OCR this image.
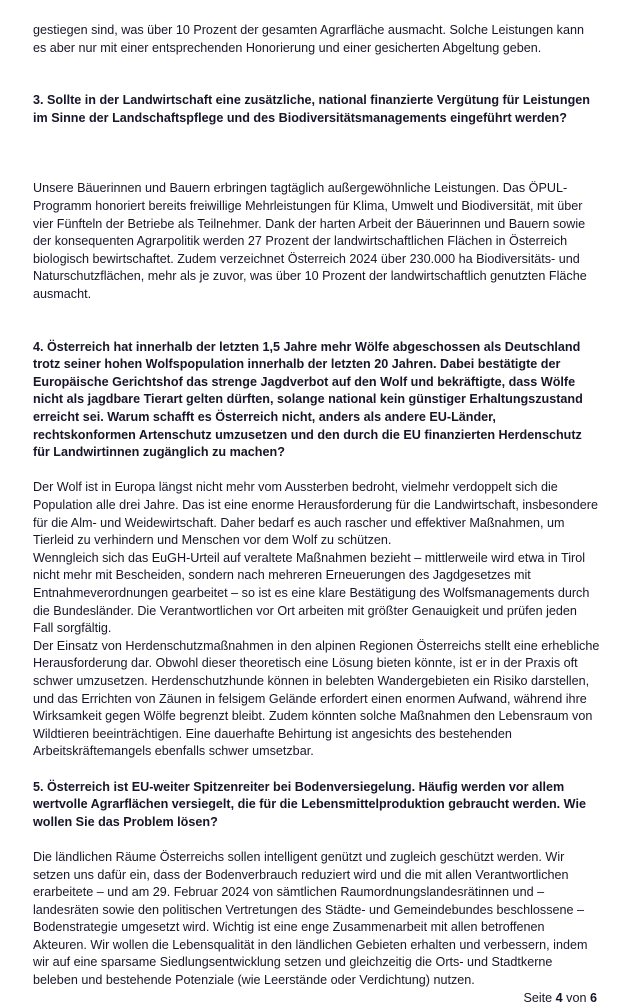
gestiegen sind, was über 10 Prozent der gesamten Agrarfläche ausmacht. Solche Leistungen kann es aber nur mit einer entsprechenden Honorierung und einer gesicherten Abgeltung geben.

3. Sollte in der Landwirtschaft eine zusätzliche, national finanzierte Vergütung für Leistungen im Sinne der Landschaftspflege und des Biodiversitätsmanagements eingeführt werden?

Unsere Bäuerinnen und Bauern erbringen tagtäglich außergewöhnliche Leistungen. Das ÖPUL-Programm honoriert bereits freiwillige Mehrleistungen für Klima, Umwelt und Biodiversität, mit über vier Fünfteln der Betriebe als Teilnehmer. Dank der harten Arbeit der Bäuerinnen und Bauern sowie der konsequenten Agrarpolitik werden 27 Prozent der landwirtschaftlichen Flächen in Österreich biologisch bewirtschaftet. Zudem verzeichnet Österreich 2024 über 230.000 ha Biodiversitäts- und Naturschutzflächen, mehr als je zuvor, was über 10 Prozent der landwirtschaftlich genutzten Fläche ausmacht.

4. Österreich hat innerhalb der letzten 1,5 Jahre mehr Wölfe abgeschossen als Deutschland trotz seiner hohen Wolfspopulation innerhalb der letzten 20 Jahren. Dabei bestätigte der Europäische Gerichtshof das strenge Jagdverbot auf den Wolf und bekräftigte, dass Wölfe nicht als jagdbare Tierart gelten dürften, solange national kein günstiger Erhaltungszustand erreicht sei. Warum schafft es Österreich nicht, anders als andere EU-Länder, rechtskonformen Artenschutz umzusetzen und den durch die EU finanzierten Herdenschutz für Landwirtinnen zugänglich zu machen?

Der Wolf ist in Europa längst nicht mehr vom Aussterben bedroht, vielmehr verdoppelt sich die Population alle drei Jahre. Das ist eine enorme Herausforderung für die Landwirtschaft, insbesondere für die Alm- und Weidewirtschaft. Daher bedarf es auch rascher und effektiver Maßnahmen, um Tierleid zu verhindern und Menschen vor dem Wolf zu schützen.

Wenngleich sich das EuGH-Urteil auf veraltete Maßnahmen bezieht – mittlerweile wird etwa in Tirol nicht mehr mit Bescheiden, sondern nach mehreren Erneuerungen des Jagdgesetzes mit Entnahmeverordnungen gearbeitet – so ist es eine klare Bestätigung des Wolfsmanagements durch die Bundesländer. Die Verantwortlichen vor Ort arbeiten mit größter Genauigkeit und prüfen jeden Fall sorgfältig.

Der Einsatz von Herdenschutzmaßnahmen in den alpinen Regionen Österreichs stellt eine erhebliche Herausforderung dar. Obwohl dieser theoretisch eine Lösung bieten könnte, ist er in der Praxis oft schwer umzusetzen. Herdenschutzhunde können in belebten Wandergebieten ein Risiko darstellen, und das Errichten von Zäunen in felsigem Gelände erfordert einen enormen Aufwand, während ihre Wirksamkeit gegen Wölfe begrenzt bleibt. Zudem könnten solche Maßnahmen den Lebensraum von Wildtieren beeinträchtigen. Eine dauerhafte Behirtung ist angesichts des bestehenden Arbeitskräftemangels ebenfalls schwer umsetzbar.

5. Österreich ist EU-weiter Spitzenreiter bei Bodenversiegelung. Häufig werden vor allem wertvolle Agrarflächen versiegelt, die für die Lebensmittelproduktion gebraucht werden. Wie wollen Sie das Problem lösen?

Die ländlichen Räume Österreichs sollen intelligent genützt und zugleich geschützt werden. Wir setzen uns dafür ein, dass der Bodenverbrauch reduziert wird und die mit allen Verantwortlichen erarbeitete – und am 29. Februar 2024 von sämtlichen Raumordnungslandesrätinnen und –landesräten sowie den politischen Vertretungen des Städte- und Gemeindebundes beschlossene – Bodenstrategie umgesetzt wird. Wichtig ist eine enge Zusammenarbeit mit allen betroffenen Akteuren. Wir wollen die Lebensqualität in den ländlichen Gebieten erhalten und verbessern, indem wir auf eine sparsame Siedlungsentwicklung setzen und gleichzeitig die Orts- und Stadtkerne beleben und bestehende Potenziale (wie Leerstände oder Verdichtung) nutzen.

Seite 4 von 6
